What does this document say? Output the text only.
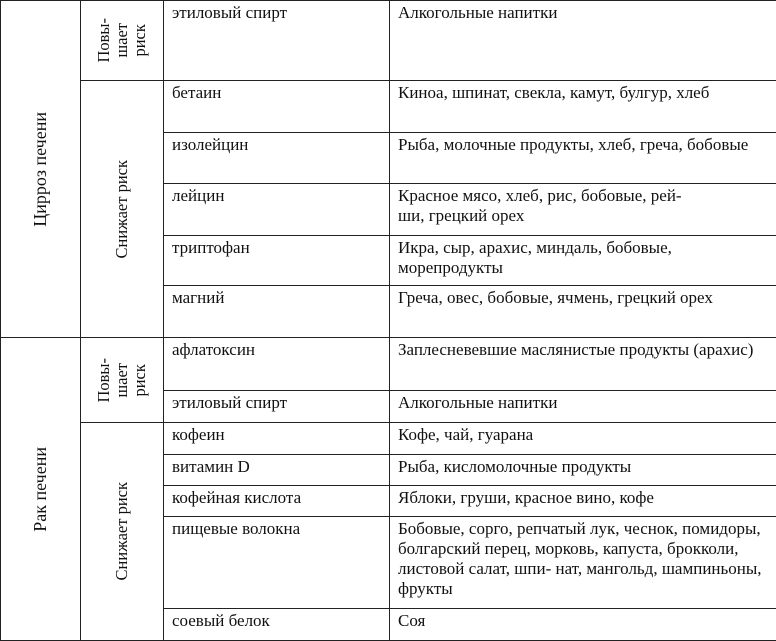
Цирроз печени	Повы-
шает
риск	этиловый спирт	Алкогольные напитки

	Снижает риск	бетаин	Киноа, шпинат, свекла, камут, булгур, хлеб
		изолейцин	Рыба, молочные продукты, хлеб, греча, бобовые
		лейцин	Красное мясо, хлеб, рис, бобовые, рей-
ши, грецкий орех
		триптофан	Икра, сыр, арахис, миндаль, бобовые, морепродукты
		магний	Греча, овес, бобовые, ячмень, грецкий орех

Рак печени	Повы-
шает
риск	афлатоксин	Заплесневевшие маслянистые продукты (арахис)
		этиловый спирт	Алкогольные напитки

	Снижает риск	кофеин	Кофе, чай, гуарана
		витамин D	Рыба, кисломолочные продукты
		кофейная кислота	Яблоки, груши, красное вино, кофе
		пищевые волокна	Бобовые, сорго, репчатый лук, чеснок, помидоры, болгарский перец, морковь, капуста, брокколи, листовой салат, шпи- нат, мангольд, шампиньоны, фрукты
		соевый белок	Соя
